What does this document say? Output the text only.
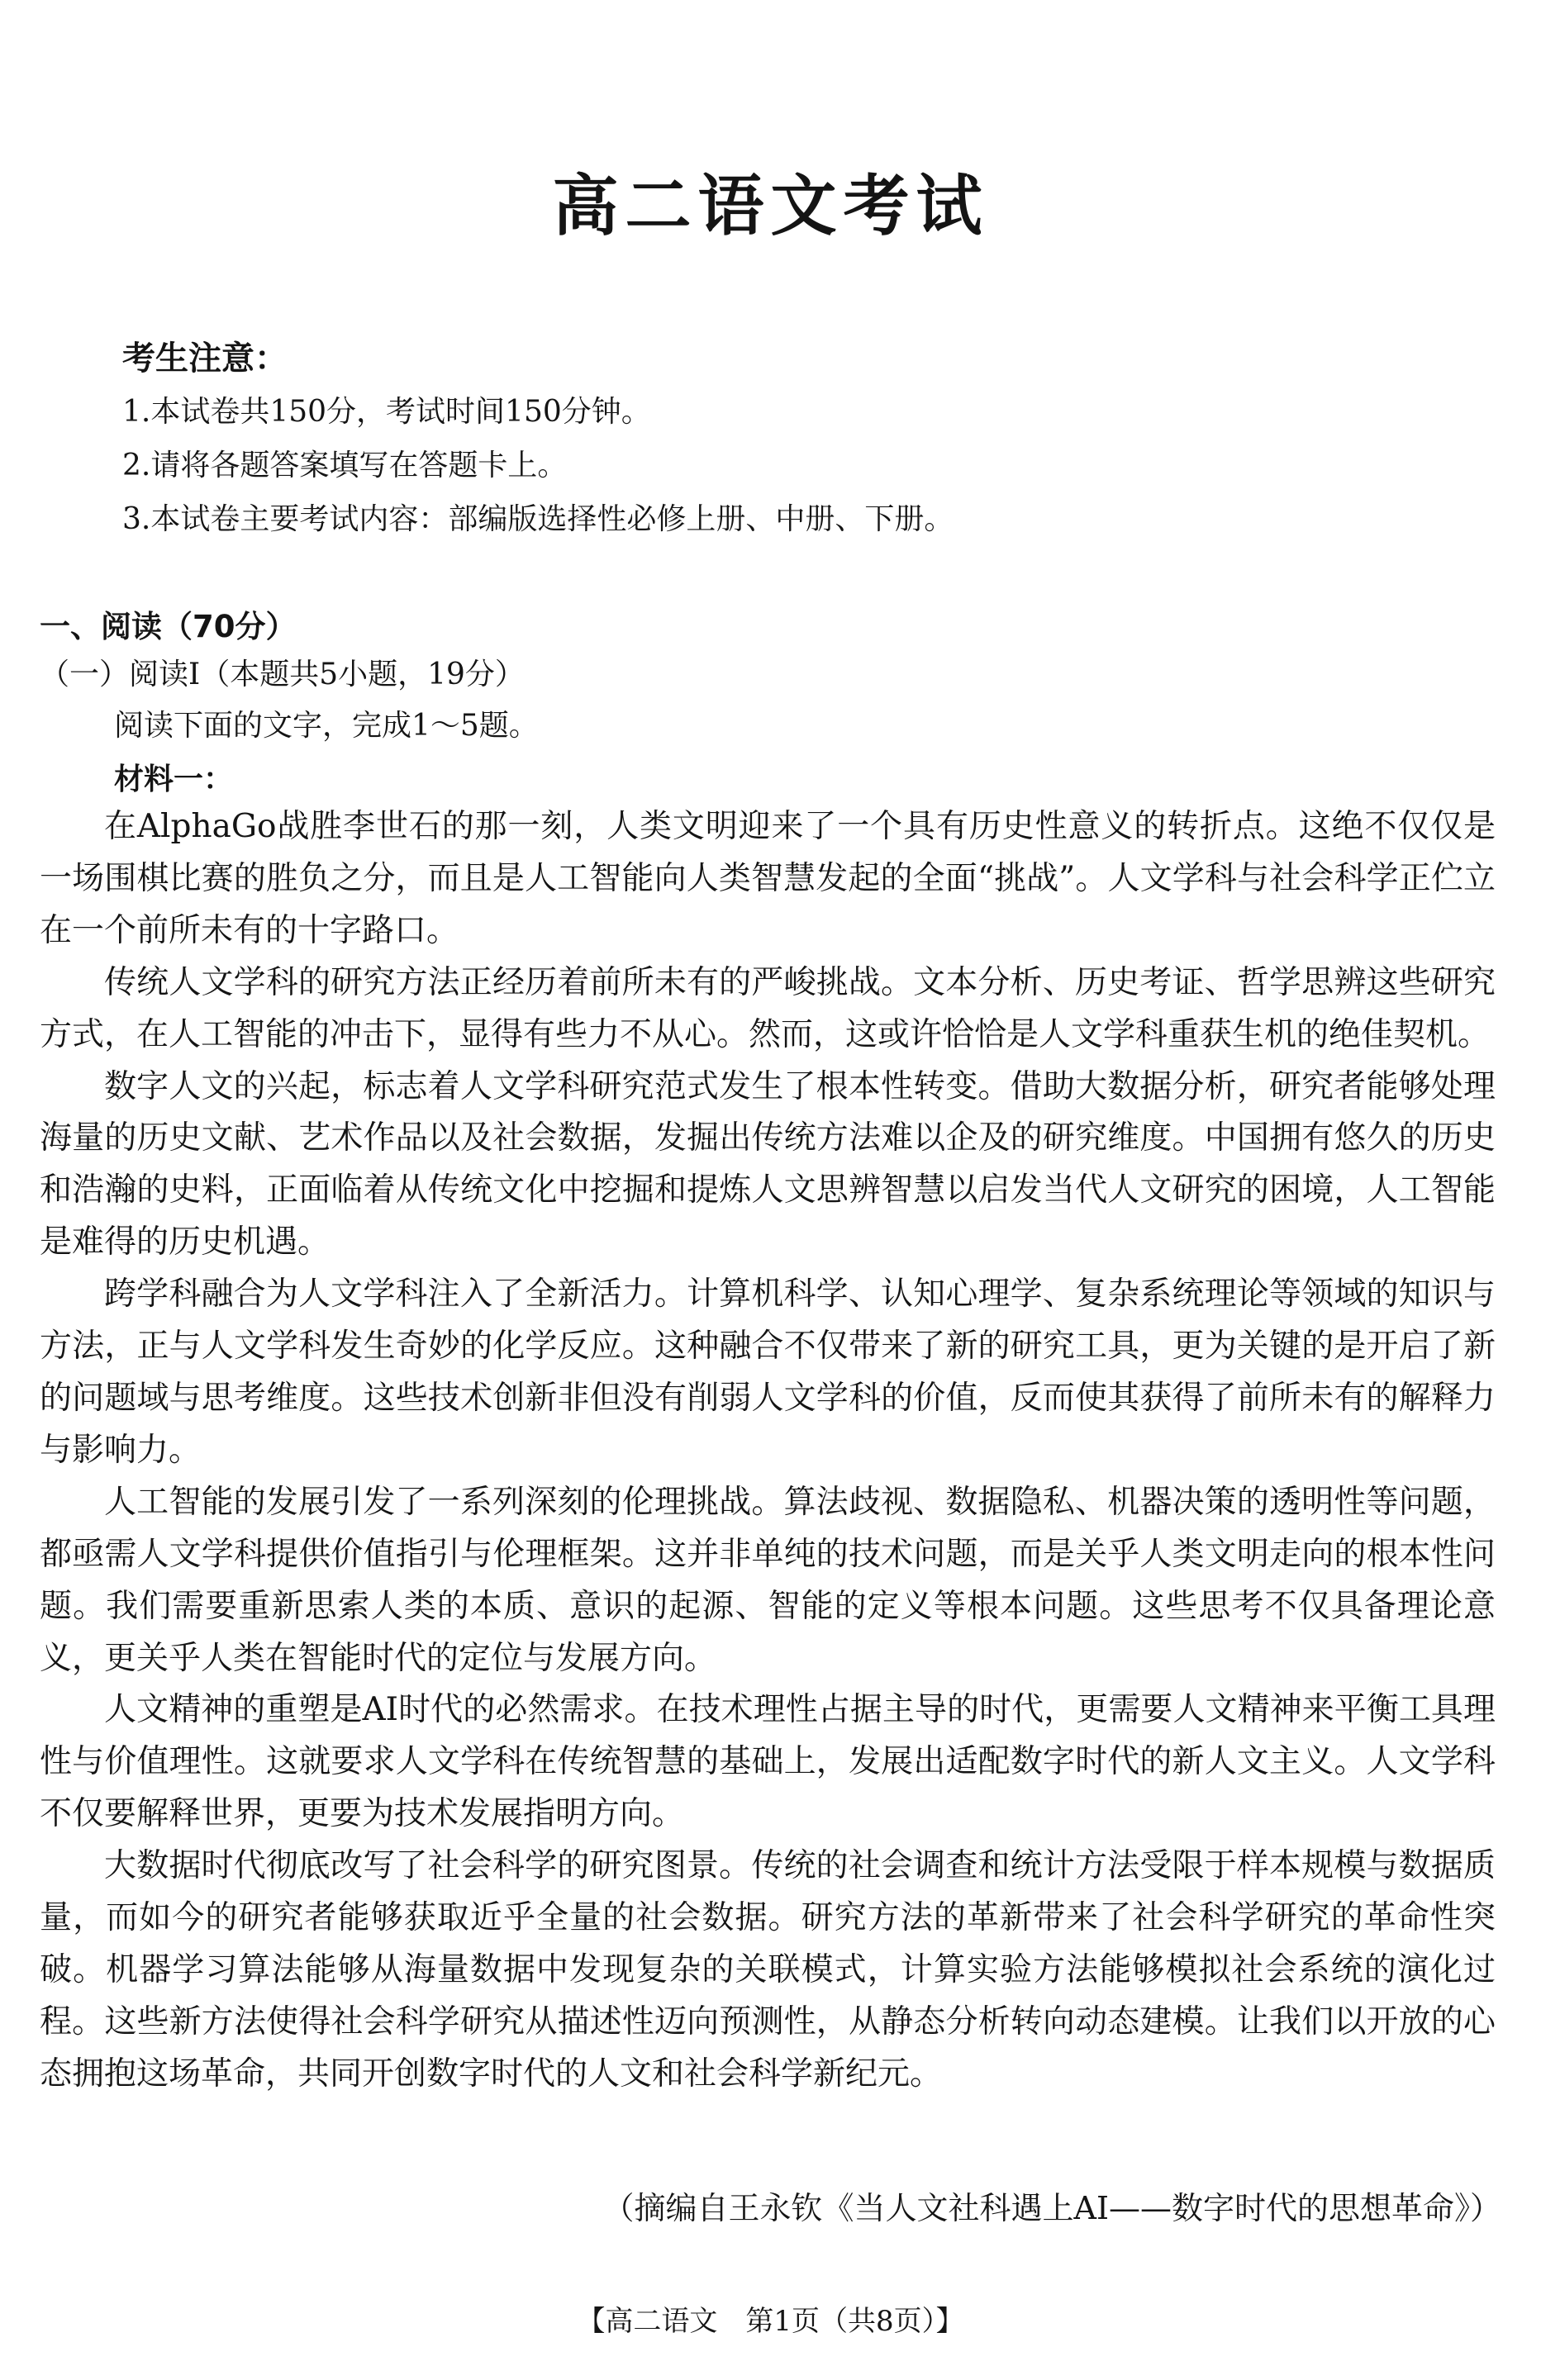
高二语文考试
考生注意：
1.本试卷共150分，考试时间150分钟。
2.请将各题答案填写在答题卡上。
3.本试卷主要考试内容：部编版选择性必修上册、中册、下册。
一、阅读（70分）
（一）阅读Ⅰ（本题共5小题，19分）
阅读下面的文字，完成1～5题。
材料一：

在AlphaGo战胜李世石的那一刻，人类文明迎来了一个具有历史性意义的转折点。这绝不仅仅是一场围棋比赛的胜负之分，而且是人工智能向人类智慧发起的全面“挑战”。人文学科与社会科学正伫立在一个前所未有的十字路口。

传统人文学科的研究方法正经历着前所未有的严峻挑战。文本分析、历史考证、哲学思辨这些研究方式，在人工智能的冲击下，显得有些力不从心。然而，这或许恰恰是人文学科重获生机的绝佳契机。

数字人文的兴起，标志着人文学科研究范式发生了根本性转变。借助大数据分析，研究者能够处理海量的历史文献、艺术作品以及社会数据，发掘出传统方法难以企及的研究维度。中国拥有悠久的历史和浩瀚的史料，正面临着从传统文化中挖掘和提炼人文思辨智慧以启发当代人文研究的困境，人工智能是难得的历史机遇。

跨学科融合为人文学科注入了全新活力。计算机科学、认知心理学、复杂系统理论等领域的知识与方法，正与人文学科发生奇妙的化学反应。这种融合不仅带来了新的研究工具，更为关键的是开启了新的问题域与思考维度。这些技术创新非但没有削弱人文学科的价值，反而使其获得了前所未有的解释力与影响力。

人工智能的发展引发了一系列深刻的伦理挑战。算法歧视、数据隐私、机器决策的透明性等问题，都亟需人文学科提供价值指引与伦理框架。这并非单纯的技术问题，而是关乎人类文明走向的根本性问题。我们需要重新思索人类的本质、意识的起源、智能的定义等根本问题。这些思考不仅具备理论意义，更关乎人类在智能时代的定位与发展方向。

人文精神的重塑是AI时代的必然需求。在技术理性占据主导的时代，更需要人文精神来平衡工具理性与价值理性。这就要求人文学科在传统智慧的基础上，发展出适配数字时代的新人文主义。人文学科不仅要解释世界，更要为技术发展指明方向。

大数据时代彻底改写了社会科学的研究图景。传统的社会调查和统计方法受限于样本规模与数据质量，而如今的研究者能够获取近乎全量的社会数据。研究方法的革新带来了社会科学研究的革命性突破。机器学习算法能够从海量数据中发现复杂的关联模式，计算实验方法能够模拟社会系统的演化过程。这些新方法使得社会科学研究从描述性迈向预测性，从静态分析转向动态建模。让我们以开放的心态拥抱这场革命，共同开创数字时代的人文和社会科学新纪元。

（摘编自王永钦《当人文社科遇上AI——数字时代的思想革命》）
【高二语文　第1页（共8页）】
